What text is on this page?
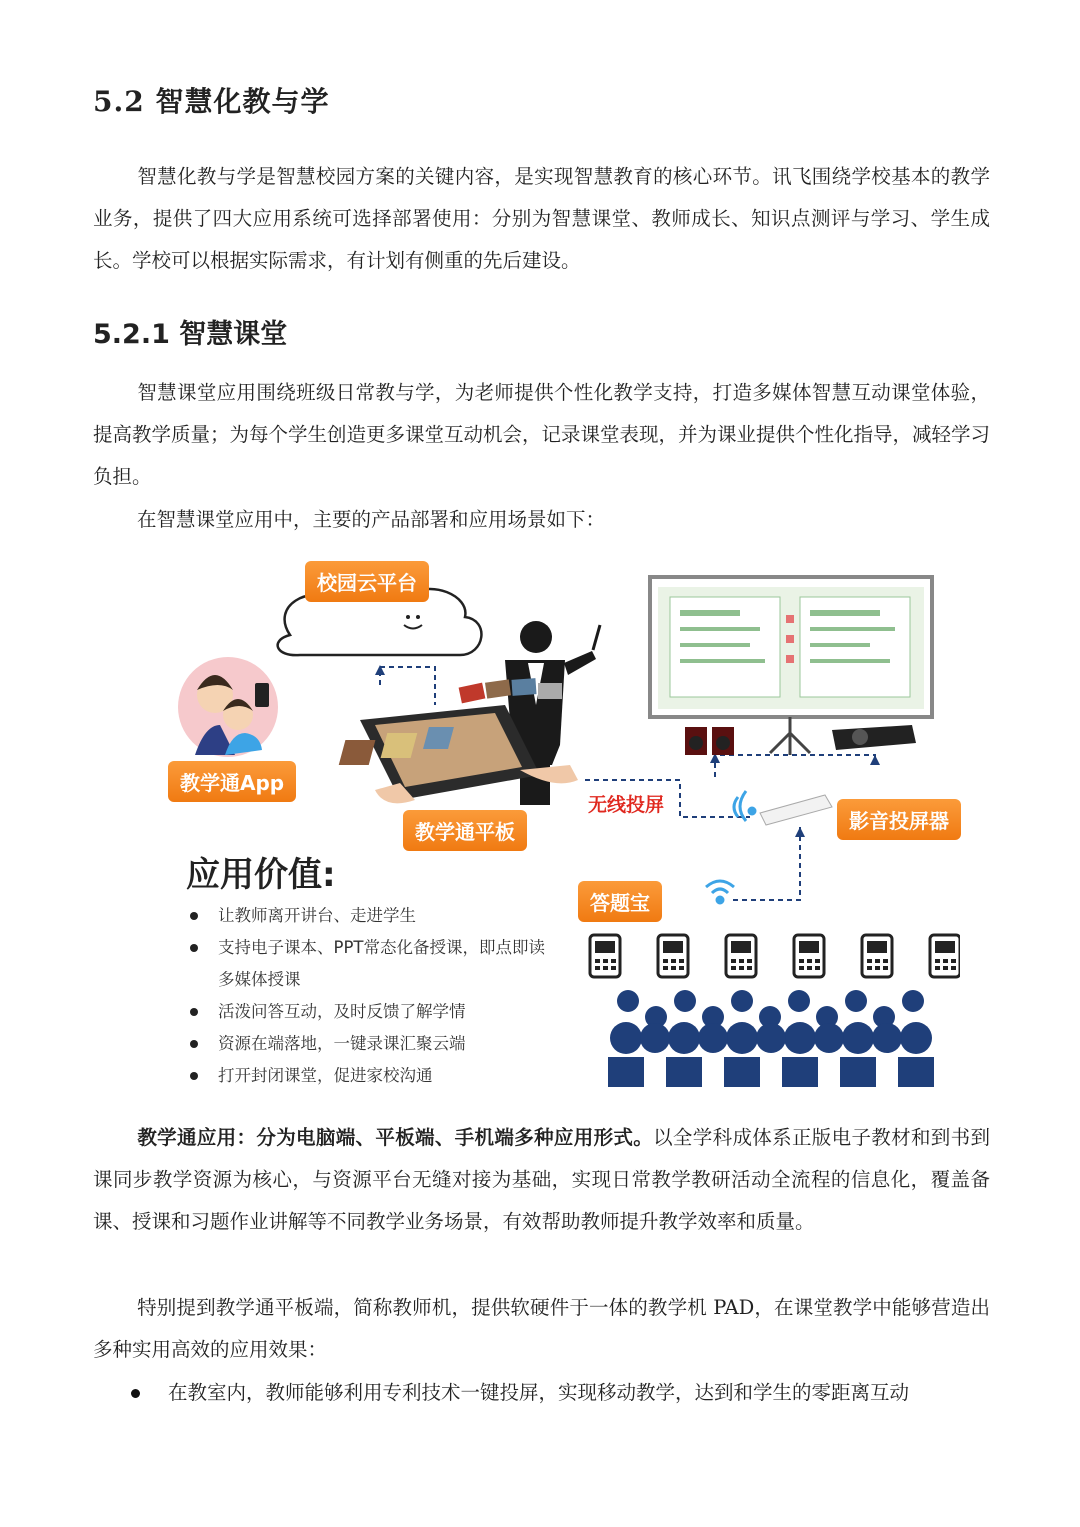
5.2 智慧化教与学
智慧化教与学是智慧校园方案的关键内容，是实现智慧教育的核心环节。讯飞围绕学校基本的教学业务，提供了四大应用系统可选择部署使用：分别为智慧课堂、教师成长、知识点测评与学习、学生成长。学校可以根据实际需求，有计划有侧重的先后建设。
5.2.1 智慧课堂
智慧课堂应用围绕班级日常教与学，为老师提供个性化教学支持，打造多媒体智慧互动课堂体验，提高教学质量；为每个学生创造更多课堂互动机会，记录课堂表现，并为课业提供个性化指导，减轻学习负担。
在智慧课堂应用中，主要的产品部署和应用场景如下：
校园云平台
教学通App
教学通平板
无线投屏
影音投屏器
答题宝
应用价值:
让教师离开讲台、走进学生
支持电子课本、PPT常态化备授课，即点即读多媒体授课
活泼问答互动，及时反馈了解学情
资源在端落地，一键录课汇聚云端
打开封闭课堂，促进家校沟通
教学通应用：分为电脑端、平板端、手机端多种应用形式。以全学科成体系正版电子教材和到书到课同步教学资源为核心，与资源平台无缝对接为基础，实现日常教学教研活动全流程的信息化，覆盖备课、授课和习题作业讲解等不同教学业务场景，有效帮助教师提升教学效率和质量。
特别提到教学通平板端，简称教师机，提供软硬件于一体的教学机 PAD，在课堂教学中能够营造出多种实用高效的应用效果：
在教室内，教师能够利用专利技术一键投屏，实现移动教学，达到和学生的零距离互动
